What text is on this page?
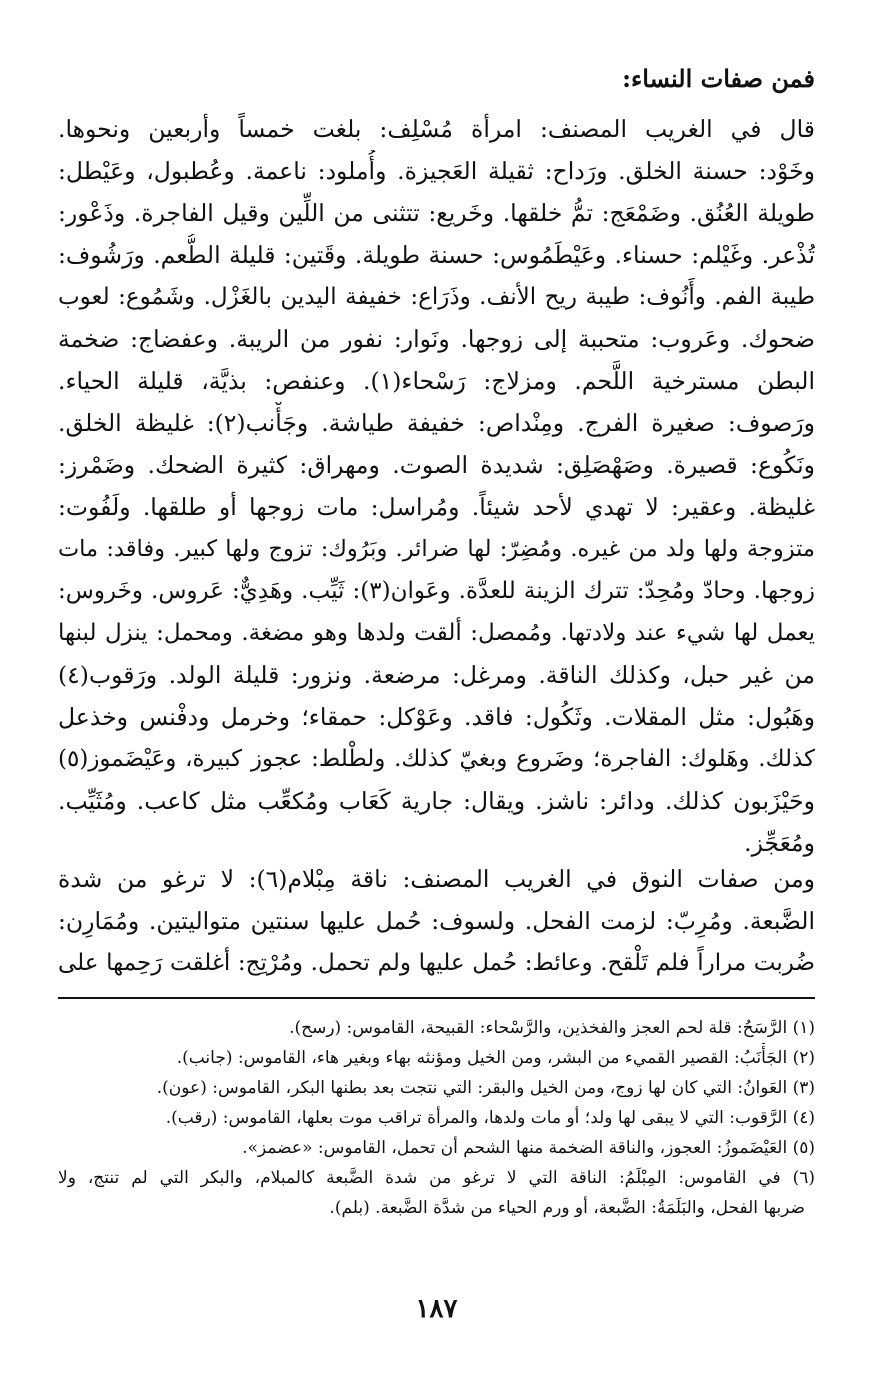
فمن صفات النساء:
قال في الغريب المصنف: امرأة مُسْلِف: بلغت خمساً وأربعين ونحوها.
وخَوْد: حسنة الخلق. ورَداح: ثقيلة العَجيزة. وأُملود: ناعمة. وعُطبول، وعَيْطل:
طويلة العُنُق. وضَمْعَج: تمُّ خلقها. وخَريع: تتثنى من اللِّين وقيل الفاجرة. وذَعْور:
تُذْعر. وغَيْلم: حسناء. وعَيْطَمُوس: حسنة طويلة. وقَتين: قليلة الطُّعم. ورَشُوف:
طيبة الفم. وأَنُوف: طيبة ريح الأنف. وذَرَاع: خفيفة اليدين بالغَزْل. وشَمُوع: لعوب
ضحوك. وعَروب: متحببة إلى زوجها. ونَوار: نفور من الريبة. وعفضاج: ضخمة
البطن مسترخية اللَّحم. ومزلاج: رَسْحاء(١). وعنفص: بذيَّة، قليلة الحياء.
ورَصوف: صغيرة الفرج. ومِنْداص: خفيفة طياشة. وجَأْنب(٢): غليظة الخلق.
ونَكُوع: قصيرة. وصَهْصَلِق: شديدة الصوت. ومهراق: كثيرة الضحك. وضَمْرز:
غليظة. وعقير: لا تهدي لأحد شيئاً. ومُراسل: مات زوجها أو طلقها. ولَفُوت:
متزوجة ولها ولد من غيره. ومُضِرّ: لها ضرائر. وبَرُوك: تزوج ولها كبير. وفاقد: مات
زوجها. وحادّ ومُحِدّ: تترك الزينة للعدَّة. وعَوان(٣): ثَيِّب. وهَدِيٌّ: عَروس. وخَروس:
يعمل لها شيء عند ولادتها. ومُمصل: ألقت ولدها وهو مضغة. ومحمل: ينزل لبنها
من غير حبل، وكذلك الناقة. ومرغل: مرضعة. ونزور: قليلة الولد. ورَقوب(٤)
وهَبُول: مثل المقلات. وثَكُول: فاقد. وعَوْكل: حمقاء؛ وخرمل ودفْنس وخذعل
كذلك. وهَلوك: الفاجرة؛ وضَروع وبغيّ كذلك. ولطْلط: عجوز كبيرة، وعَيْضَموز(٥)
وحَيْزَبون كذلك. ودائر: ناشز. ويقال: جارية كَعَاب ومُكعِّب مثل كاعب. ومُثَيِّب.
ومُعَجِّز.
ومن صفات النوق في الغريب المصنف: ناقة مِبْلام(٦): لا ترغو من شدة
الضَّبعة. ومُرِبّ: لزمت الفحل. ولسوف: حُمل عليها سنتين متواليتين. ومُمَارِن:
ضُربت مراراً فلم تَلْقح. وعائط: حُمل عليها ولم تحمل. ومُرْتِج: أغلقت رَحِمها على
(١) الرَّسَحُ: قلة لحم العجز والفخذين، والرَّسْحاء: القبيحة، القاموس: (رسح).
(٢) الجَأْنَبُ: القصير القميء من البشر، ومن الخيل ومؤنثه بهاء وبغير هاء، القاموس: (جانب).
(٣) العَوانُ: التي كان لها زوج، ومن الخيل والبقر: التي نتجت بعد بطنها البكر، القاموس: (عون).
(٤) الرَّقوب: التي لا يبقى لها ولد؛ أو مات ولدها، والمرأة تراقب موت بعلها، القاموس: (رقب).
(٥) العَيْضَموزُ: العجوز، والناقة الضخمة منها الشحم أن تحمل، القاموس: «عضمز».
(٦) في القاموس: المِبْلَمُ: الناقة التي لا ترغو من شدة الضَّبعة كالمبلام، والبكر التي لم تنتج، ولا
ضربها الفحل، والبَلَمَةُ: الضَّبعة، أو ورم الحياء من شدَّة الضَّبعة. (بلم).
١٨٧
